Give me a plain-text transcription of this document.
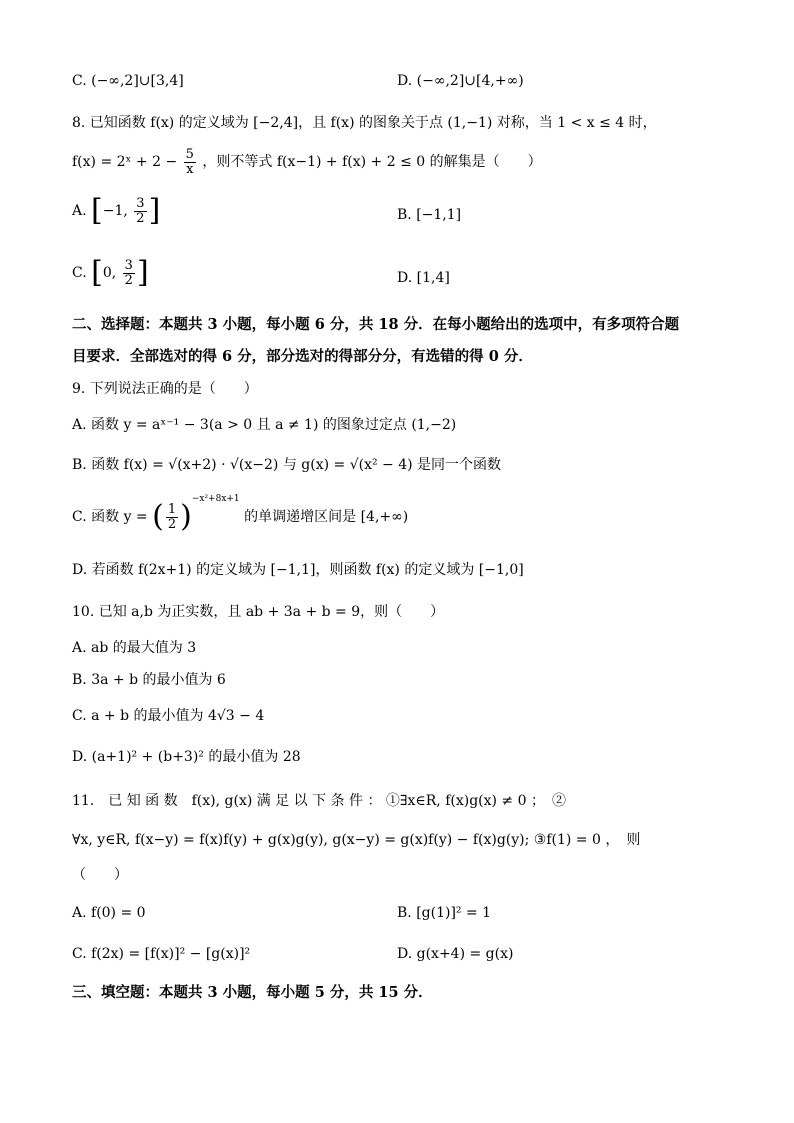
C. (−∞,2]∪[3,4]	D. (−∞,2]∪[4,+∞)
8. 已知函数 f(x) 的定义域为 [−2,4]，且 f(x) 的图象关于点 (1,−1) 对称，当 1 < x ≤ 4 时，
f(x) = 2ˣ + $2 - \frac{5}{x}$ ，则不等式 f(x−1) + f(x) + 2 ≤ 0 的解集是（　　）
A. [−1, $\frac{3}{2}$ ]	B. [−1,1]
C. [0, $\frac{3}{2}$ ]	D. [1,4]
二、选择题：本题共 3 小题，每小题 6 分，共 18 分．在每小题给出的选项中，有多项符合题
目要求．全部选对的得 6 分，部分选对的得部分分，有选错的得 0 分．
9. 下列说法正确的是（　　）
A. 函数 y = aˣ⁻¹ − 3(a > 0 且 a ≠ 1) 的图象过定点 (1,−2)
B. 函数 f(x) = √(x+2) · √(x−2) 与 g(x) = √(x² − 4) 是同一个函数
C. 函数 y = ( $\frac{1}{2} )^{-x^2+8x+1}$ 的单调递增区间是 [4,+∞)
D. 若函数 f(2x+1) 的定义域为 [−1,1]，则函数 f(x) 的定义域为 [−1,0]
10. 已知 a,b 为正实数，且 ab + 3a + b = 9，则（　　）
A. ab 的最大值为 3
B. 3a + b 的最小值为 6
C. a + b 的最小值为 4√3 − 4
D. (a+1)² + (b+3)² 的最小值为 28
11.　已 知 函 数　f(x), g(x) 满 足 以 下 条 件 ： ①∃x∈R, f(x)g(x) ≠ 0 ；　②
∀x, y∈R, f(x−y) = f(x)f(y) + g(x)g(y), g(x−y) = g(x)f(y) − f(x)g(y); ③f(1) = 0 ，　则
（　　）
A. f(0) = 0	B. [g(1)]² = 1
C. f(2x) = [f(x)]² − [g(x)]²	D. g(x+4) = g(x)
三、填空题：本题共 3 小题，每小题 5 分，共 15 分．
